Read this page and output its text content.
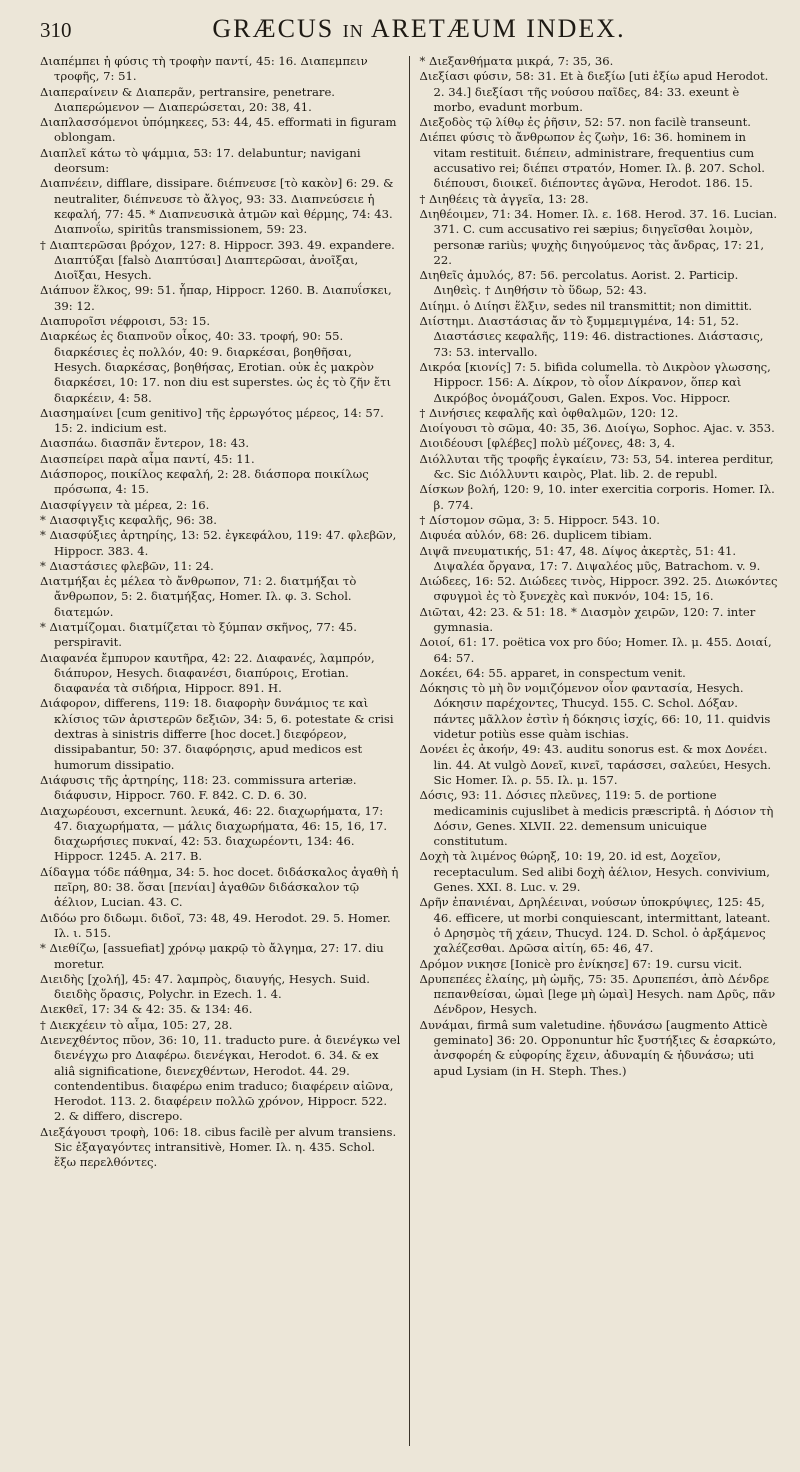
310	GRÆCUS IN ARETÆUM INDEX.

Διαπέμπει ἡ φύσις τὴ τροφὴν παντί, 45: 16. Διαπεμπειν τροφῆς, 7: 51.

Διαπεραίνειν & Διαπερᾶν, pertransire, penetrare. Διαπερώμενον — Διαπερώσεται, 20: 38, 41.

Διαπλασσόμενοι ὑπόμηκεες, 53: 44, 45. efformati in figuram oblongam.

Διαπλεῖ κάτω τὸ ψάμμια, 53: 17. delabuntur; navigani deorsum:

Διαπνέειν, difflare, dissipare. διέπνευσε [τὸ κακὸν] 6: 29. & neutraliter, διέπνευσε τὸ ἄλγος, 93: 33. Διαπνεύσειε ἡ κεφαλή, 77: 45. * Διαπνευσικὰ ἀτμῶν καὶ θέρμης, 74: 43. Διαπνοΐω, spiritûs transmissionem, 59: 23.

† Διαπτερῶσαι βρόχον, 127: 8. Hippocr. 393. 49. expandere. Διαπτύξαι [falsò Διαπτύσαι] Διαπτερῶσαι, ἀνοῖξαι, Διοῖξαι, Hesych.

Διάπυον ἕλκος, 99: 51. ἧπαρ, Hippocr. 1260. B. Διαπυΐσκει, 39: 12.

Διαπυροῖσι νέφροισι, 53: 15.

Διαρκέως ἐς διαπνοῦν οἶκος, 40: 33. τροφή, 90: 55. διαρκέσιες ἐς πολλόν, 40: 9. διαρκέσαι, βοηθῆσαι, Hesych. διαρκέσας, βοηθήσας, Erotian. οὐκ ἐς μακρὸν διαρκέσει, 10: 17. non diu est superstes. ὡς ἐς τὸ ζῆν ἔτι διαρκέειν, 4: 58.

Διασημαίνει [cum genitivo] τῆς ἐρρωγότος μέρεος, 14: 57. 15: 2. indicium est.

Διασπάω. διασπᾶν ἔντερον, 18: 43.

Διασπείρει παρὰ αἷμα παντί, 45: 11.

Διάσπορος, ποικίλος κεφαλή, 2: 28. διάσπορα ποικίλως πρόσωπα, 4: 15.

Διασφίγγειν τὰ μέρεα, 2: 16.

* Διασφιγξις κεφαλῆς, 96: 38.

* Διασφύξιες ἀρτηρίης, 13: 52. ἐγκεφάλου, 119: 47. φλεβῶν, Hippocr. 383. 4.

* Διαστάσιες φλεβῶν, 11: 24.

Διατμήξαι ἐς μέλεα τὸ ἄνθρωπον, 71: 2. διατμήξαι τὸ ἄνθρωπον, 5: 2. διατμήξας, Homer. Ιλ. φ. 3. Schol. διατεμών.

* Διατμίζομαι. διατμίζεται τὸ ξύμπαν σκῆνος, 77: 45. perspiravit.

Διαφανέα ἔμπυρον καυτῆρα, 42: 22. Διαφανές, λαμπρόν, διάπυρον, Hesych. διαφανέσι, διαπύροις, Erotian. διαφανέα τὰ σιδήρια, Hippocr. 891. H.

Διάφορον, differens, 119: 18. διαφορὴν δυνάμιος τε καὶ κλίσιος τῶν ἀριστερῶν δεξιῶν, 34: 5, 6. potestate & crisi dextras à sinistris differre [hoc docet.] διεφόρεον, dissipabantur, 50: 37. διαφόρησις, apud medicos est humorum dissipatio.

Διάφυσις τῆς ἀρτηρίης, 118: 23. commissura arteriæ. διάφυσιν, Hippocr. 760. F. 842. C. D. 6. 30.

Διαχωρέουσι, excernunt. λευκά, 46: 22. διαχωρήματα, 17: 47. διαχωρήματα, — μάλις διαχωρήματα, 46: 15, 16, 17. διαχωρήσιες πυκναί, 42: 53. διαχωρέοντι, 134: 46. Hippocr. 1245. A. 217. B.

Δίδαγμα τόδε πάθημα, 34: 5. hoc docet. διδάσκαλος ἀγαθὴ ἡ πεῖρη, 80: 38. ὅσαι [πενίαι] ἀγαθῶν διδάσκαλον τῷ ἀέλιον, Lucian. 43. C.

Διδόω pro διδωμι. διδοῖ, 73: 48, 49. Herodot. 29. 5. Homer. Ιλ. ι. 515.

* Διεθίζω, [assuefiat] χρόνῳ μακρῷ τὸ ἄλγημα, 27: 17. diu moretur.

Διειδὴς [χολή], 45: 47. λαμπρὸς, διαυγής, Hesych. Suid. διειδὴς ὅρασις, Polychr. in Ezech. 1. 4.

Διεκθεῖ, 17: 34 & 42: 35. & 134: 46.

† Διεκχέειν τὸ αἷμα, 105: 27, 28.

Διενεχθέντος πῦον, 36: 10, 11. traducto pure. ἀ διενέγκω vel διενέγχω pro Διαφέρω. διενέγκαι, Herodot. 6. 34. & ex aliâ significatione, διενεχθέντων, Herodot. 44. 29. contendentibus. διαφέρω enim traduco; διαφέρειν αἰῶνα, Herodot. 113. 2. διαφέρειν πολλῶ χρόνον, Hippocr. 522. 2. & differo, discrepo.

Διεξάγουσι τροφὴ, 106: 18. cibus facilè per alvum transiens. Sic ἐξαγαγόντες intransitivè, Homer. Ιλ. η. 435. Schol. ἔξω περελθόντες.

* Διεξανθήματα μικρά, 7: 35, 36.

Διεξίασι φύσιν, 58: 31. Et à διεξίω [uti ἐξίω apud Herodot. 2. 34.] διεξίασι τῆς νούσου παῖδες, 84: 33. exeunt è morbo, evadunt morbum.

Διεξοδὸς τῷ λίθῳ ἐς ῥῆσιν, 52: 57. non facilè transeunt.

Διέπει φύσις τὸ ἄνθρωπον ἐς ζωὴν, 16: 36. hominem in vitam restituit. διέπειν, administrare, frequentius cum accusativo rei; διέπει στρατόν, Homer. Ιλ. β. 207. Schol. διέπουσι, διοικεῖ. διέποντες ἀγῶνα, Herodot. 186. 15.

† Διηθέεις τὰ ἀγγεῖα, 13: 28.

Διηθέοιμεν, 71: 34. Homer. Ιλ. ε. 168. Herod. 37. 16. Lucian. 371. C. cum accusativo rei sæpius; διηγεῖσθαι λοιμὸν, personæ rariùs; ψυχὴς διηγούμενος τὰς ἄνδρας, 17: 21, 22.

Διηθεῖς ἀμυλός, 87: 56. percolatus. Aorist. 2. Particip. Διηθεὶς. † Διηθήσιν τὸ ὕδωρ, 52: 43.

Διίημι. ὁ Διίησι ἕλξιν, sedes nil transmittit; non dimittit.

Διίστημι. Διαστάσιας ἄν τὸ ξυμμεμιγμένα, 14: 51, 52. Διαστάσιες κεφαλῆς, 119: 46. distractiones. Διάστασις, 73: 53. intervallo.

Δικρόα [κιονίς] 7: 5. bifida columella. τὸ Δικρὸον γλωσσης, Hippocr. 156: A. Δίκρον, τὸ οἷον Δίκρανον, ὅπερ καὶ Δικρόβος ὀνομάζουσι, Galen. Expos. Voc. Hippocr.

† Δινήσιες κεφαλῆς καὶ ὀφθαλμῶν, 120: 12.

Διοίγουσι τὸ σῶμα, 40: 35, 36. Διοίγω, Sophoc. Ajac. v. 353.

Διοιδέουσι [φλέβες] πολὺ μέζονες, 48: 3, 4.

Διόλλυται τῆς τροφῆς ἐγκαίειν, 73: 53, 54. interea perditur, &c. Sic Διόλλυντι καιρὸς, Plat. lib. 2. de republ.

Δίσκων βολή, 120: 9, 10. inter exercitia corporis. Homer. Ιλ. β. 774.

† Δίστομον σῶμα, 3: 5. Hippocr. 543. 10.

Διφυέα αὐλόν, 68: 26. duplicem tibiam.

Διψᾶ πνευματικής, 51: 47, 48. Δίψος ἀκερτὲς, 51: 41. Διψαλέα ὄργανα, 17: 7. Διψαλέος μῦς, Batrachom. v. 9.

Διώδεες, 16: 52. Διώδεες τινὸς, Hippocr. 392. 25. Διωκόντες σφυγμοὶ ἐς τὸ ξυνεχὲς καὶ πυκνόν, 104: 15, 16.

Διῶται, 42: 23. & 51: 18. * Διασμὸν χειρῶν, 120: 7. inter gymnasia.

Δοιοί, 61: 17. poëtica vox pro δύο; Homer. Ιλ. μ. 455. Δοιαί, 64: 57.

Δοκέει, 64: 55. apparet, in conspectum venit.

Δόκησις τὸ μὴ ὂν νομιζόμενον οἷον φαντασία, Hesych. Δόκησιν παρέχοντες, Thucyd. 155. C. Schol. Δόξαν. πάντες μᾶλλον ἐστὶν ἡ δόκησις ἰσχίς, 66: 10, 11. quidvis videtur potiùs esse quàm ischias.

Δονέει ἐς ἀκοήν, 49: 43. auditu sonorus est. & mox Δονέει. lin. 44. At vulgò Δονεῖ, κινεῖ, ταράσσει, σαλεύει, Hesych. Sic Homer. Ιλ. ρ. 55. Ιλ. μ. 157.

Δόσις, 93: 11. Δόσιες πλεῦνες, 119: 5. de portione medicaminis cujuslibet à medicis præscriptâ. ἡ Δόσιον τὴ Δόσιν, Genes. XLVII. 22. demensum unicuique constitutum.

Δοχὴ τὰ λιμένος θώρηξ, 10: 19, 20. id est, Δοχεῖον, receptaculum. Sed alibi δοχὴ ἀέλιον, Hesych. convivium, Genes. XXI. 8. Luc. v. 29.

Δρῆν ἐπανιέναι, Δρηλέειναι, νούσων ὑποκρύψιες, 125: 45, 46. efficere, ut morbi conquiescant, intermittant, lateant. ὁ Δρησμὸς τῆ χάειν, Thucyd. 124. D. Schol. ὁ ἀρξάμενος χαλέζεσθαι. Δρῶσα αἰτίη, 65: 46, 47.

Δρόμον νικησε [Ionicè pro ἐνίκησε] 67: 19. cursu vicit.

Δρυπεπέες ἐλαίης, μὴ ὠμῆς, 75: 35. Δρυπεπέσι, ἀπὸ Δένδρε πεπανθείσαι, ὠμαὶ [lege μὴ ὠμαὶ] Hesych. nam Δρῦς, πᾶν Δένδρον, Hesych.

Δυνάμαι, firmâ sum valetudine. ἠδυνάσω [augmento Atticè geminato] 36: 20. Opponuntur hîc ξυστήξιες & ἐσαρκώτο, ἀνσφορέη & εὐφορίης ἔχειν, ἀδυναμίη & ἠδυνάσω; uti apud Lysiam (in H. Steph. Thes.)
